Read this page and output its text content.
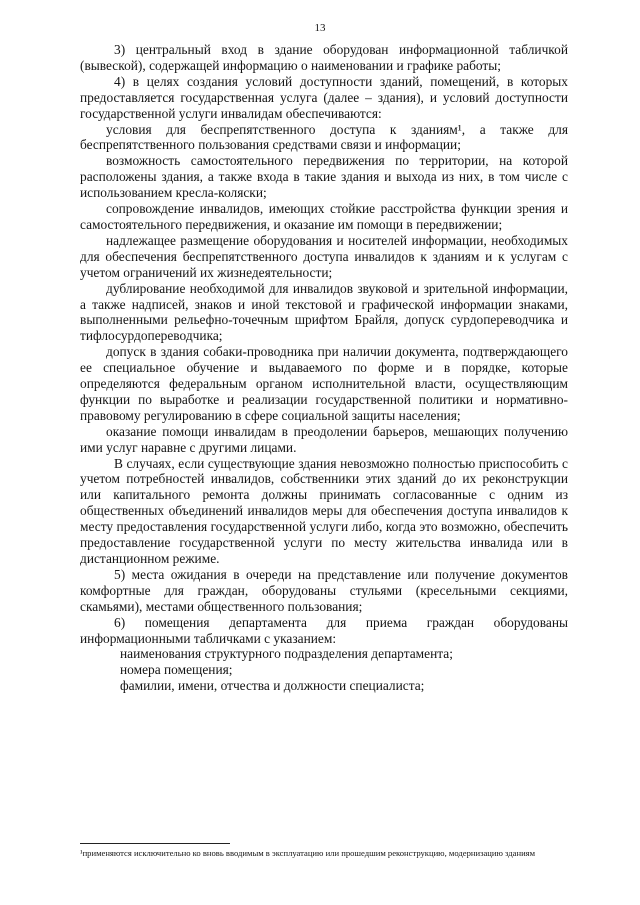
13

3) центральный вход в здание оборудован информационной табличкой (вывеской), содержащей информацию о наименовании и графике работы;

4) в целях создания условий доступности зданий, помещений, в которых предоставляется государственная услуга (далее – здания), и условий доступности государственной услуги инвалидам обеспечиваются:

условия для беспрепятственного доступа к зданиям¹, а также для беспрепятственного пользования средствами связи и информации;

возможность самостоятельного передвижения по территории, на которой расположены здания, а также входа в такие здания и выхода из них, в том числе с использованием кресла-коляски;

сопровождение инвалидов, имеющих стойкие расстройства функции зрения и самостоятельного передвижения, и оказание им помощи в передвижении;

надлежащее размещение оборудования и носителей информации, необходимых для обеспечения беспрепятственного доступа инвалидов к зданиям и к услугам с учетом ограничений их жизнедеятельности;

дублирование необходимой для инвалидов звуковой и зрительной информации, а также надписей, знаков и иной текстовой и графической информации знаками, выполненными рельефно-точечным шрифтом Брайля, допуск сурдопереводчика и тифлосурдопереводчика;

допуск в здания собаки-проводника при наличии документа, подтверждающего ее специальное обучение и выдаваемого по форме и в порядке, которые определяются федеральным органом исполнительной власти, осуществляющим функции по выработке и реализации государственной политики и нормативно-правовому регулированию в сфере социальной защиты населения;

оказание помощи инвалидам в преодолении барьеров, мешающих получению ими услуг наравне с другими лицами.

В случаях, если существующие здания невозможно полностью приспособить с учетом потребностей инвалидов, собственники этих зданий до их реконструкции или капитального ремонта должны принимать согласованные с одним из общественных объединений инвалидов меры для обеспечения доступа инвалидов к месту предоставления государственной услуги либо, когда это возможно, обеспечить предоставление государственной услуги по месту жительства инвалида или в дистанционном режиме.

5) места ожидания в очереди на представление или получение документов комфортные для граждан, оборудованы стульями (кресельными секциями, скамьями), местами общественного пользования;

6) помещения департамента для приема граждан оборудованы информационными табличками с указанием:

наименования структурного подразделения департамента;

номера помещения;

фамилии, имени, отчества и должности специалиста;

¹применяются исключительно ко вновь вводимым в эксплуатацию или прошедшим реконструкцию, модернизацию зданиям
